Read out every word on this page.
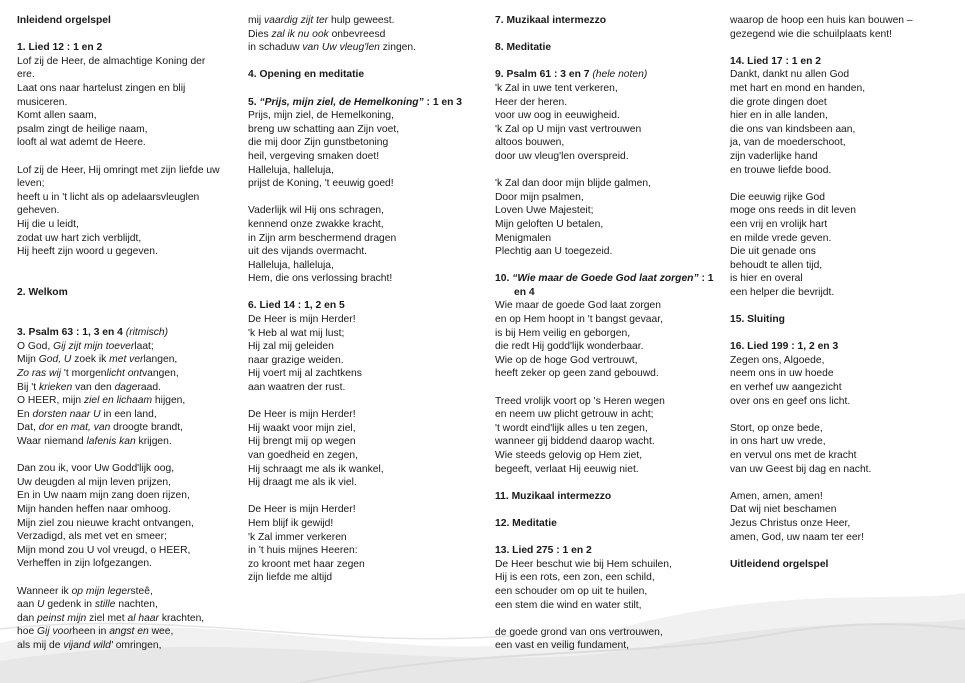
Inleidend orgelspel
1. Lied 12 : 1 en 2
Lof zij de Heer, de almachtige Koning der
ere.
Laat ons naar hartelust zingen en blij
musiceren.
Komt allen saam,
psalm zingt de heilige naam,
looft al wat ademt de Heere.
Lof zij de Heer, Hij omringt met zijn liefde uw
leven;
heeft u in 't licht als op adelaarsvleuglen
geheven.
Hij die u leidt,
zodat uw hart zich verblijdt,
Hij heeft zijn woord u gegeven.
2. Welkom
3. Psalm 63 : 1, 3 en 4 (ritmisch)
O God, Gij zijt mijn toeverlaat;
Mijn God, U zoek ik met verlangen,
Zo ras wij 't morgenlicht ontvangen,
Bij 't krieken van den dageraad.
O HEER, mijn ziel en lichaam hijgen,
En dorsten naar U in een land,
Dat, dor en mat, van droogte brandt,
Waar niemand lafenis kan krijgen.
Dan zou ik, voor Uw Godd'lijk oog,
Uw deugden al mijn leven prijzen,
En in Uw naam mijn zang doen rijzen,
Mijn handen heffen naar omhoog.
Mijn ziel zou nieuwe kracht ontvangen,
Verzadigd, als met vet en smeer;
Mijn mond zou U vol vreugd, o HEER,
Verheffen in zijn lofgezangen.
Wanneer ik op mijn legersteê,
aan U gedenk in stille nachten,
dan peinst mijn ziel met al haar krachten,
hoe Gij voorheen in angst en wee,
als mij de vijand wild' omringen,
mij vaardig zijt ter hulp geweest.
Dies zal ik nu ook onbevreesd
in schaduw van Uw vleug'len zingen.
4. Opening en meditatie
5. “Prijs, mijn ziel, de Hemelkoning” : 1 en 3
Prijs, mijn ziel, de Hemelkoning,
breng uw schatting aan Zijn voet,
die mij door Zijn gunstbetoning
heil, vergeving smaken doet!
Halleluja, halleluja,
prijst de Koning, 't eeuwig goed!
Vaderlijk wil Hij ons schragen,
kennend onze zwakke kracht,
in Zijn arm beschermend dragen
uit des vijands overmacht.
Halleluja, halleluja,
Hem, die ons verlossing bracht!
6. Lied 14 : 1, 2 en 5
De Heer is mijn Herder!
'k Heb al wat mij lust;
Hij zal mij geleiden
naar grazige weiden.
Hij voert mij al zachtkens
aan waatren der rust.
De Heer is mijn Herder!
Hij waakt voor mijn ziel,
Hij brengt mij op wegen
van goedheid en zegen,
Hij schraagt me als ik wankel,
Hij draagt me als ik viel.
De Heer is mijn Herder!
Hem blijf ik gewijd!
'k Zal immer verkeren
in 't huis mijnes Heeren:
zo kroont met haar zegen
zijn liefde me altijd
7. Muzikaal intermezzo
8. Meditatie
9. Psalm 61 : 3 en 7 (hele noten)
'k Zal in uwe tent verkeren,
Heer der heren.
voor uw oog in eeuwigheid.
'k Zal op U mijn vast vertrouwen
altoos bouwen,
door uw vleug'len overspreid.
'k Zal dan door mijn blijde galmen,
Door mijn psalmen,
Loven Uwe Majesteit;
Mijn geloften U betalen,
Menigmalen
Plechtig aan U toegezeid.
10. “Wie maar de Goede God laat zorgen” : 1 en 4
Wie maar de goede God laat zorgen
en op Hem hoopt in 't bangst gevaar,
is bij Hem veilig en geborgen,
die redt Hij godd'lijk wonderbaar.
Wie op de hoge God vertrouwt,
heeft zeker op geen zand gebouwd.
Treed vrolijk voort op 's Heren wegen
en neem uw plicht getrouw in acht;
't wordt eind'lijk alles u ten zegen,
wanneer gij biddend daarop wacht.
Wie steeds gelovig op Hem ziet,
begeeft, verlaat Hij eeuwig niet.
11. Muzikaal intermezzo
12. Meditatie
13. Lied 275 : 1 en 2
De Heer beschut wie bij Hem schuilen,
Hij is een rots, een zon, een schild,
een schouder om op uit te huilen,
een stem die wind en water stilt,
de goede grond van ons vertrouwen,
een vast en veilig fundament,
waarop de hoop een huis kan bouwen –
gezegend wie die schuilplaats kent!
14. Lied 17 : 1 en 2
Dankt, dankt nu allen God
met hart en mond en handen,
die grote dingen doet
hier en in alle landen,
die ons van kindsbeen aan,
ja, van de moederschoot,
zijn vaderlijke hand
en trouwe liefde bood.
Die eeuwig rijke God
moge ons reeds in dit leven
een vrij en vrolijk hart
en milde vrede geven.
Die uit genade ons
behoudt te allen tijd,
is hier en overal
een helper die bevrijdt.
15. Sluiting
16. Lied 199 : 1, 2 en 3
Zegen ons, Algoede,
neem ons in uw hoede
en verhef uw aangezicht
over ons en geef ons licht.
Stort, op onze bede,
in ons hart uw vrede,
en vervul ons met de kracht
van uw Geest bij dag en nacht.
Amen, amen, amen!
Dat wij niet beschamen
Jezus Christus onze Heer,
amen, God, uw naam ter eer!
Uitleidend orgelspel
